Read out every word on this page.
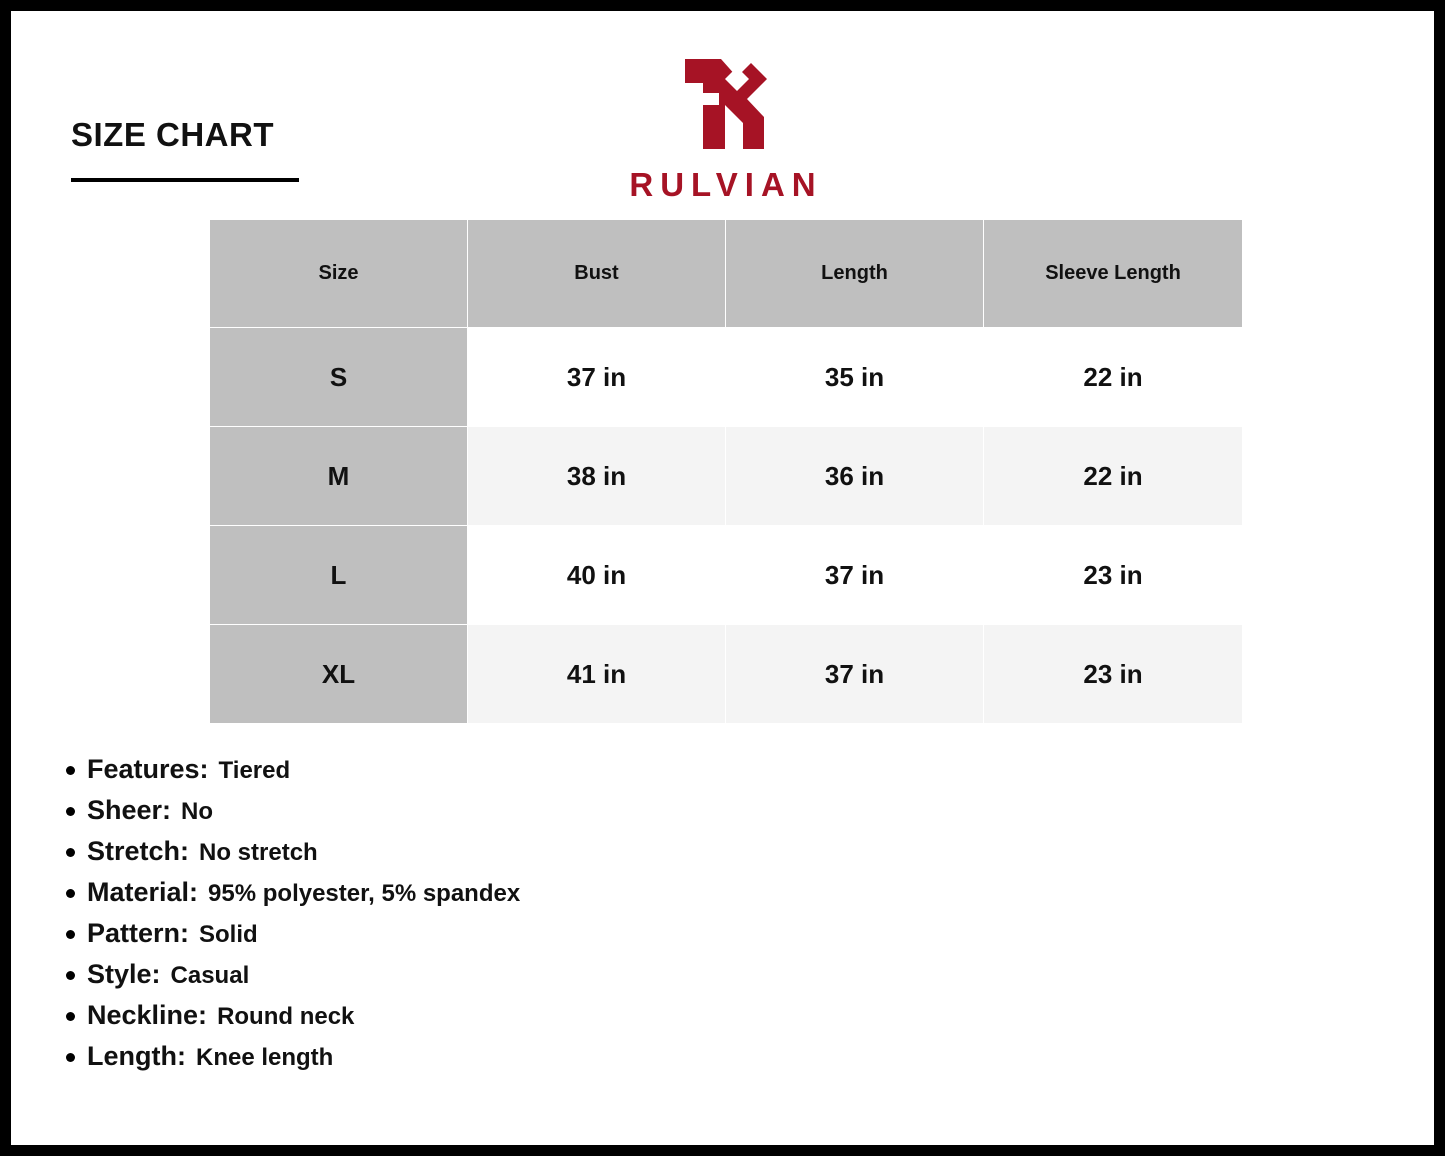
SIZE CHART
RULVIAN
Size	Bust	Length	Sleeve Length
S	37 in	35 in	22 in
M	38 in	36 in	22 in
L	40 in	37 in	23 in
XL	41 in	37 in	23 in
Features: Tiered
Sheer: No
Stretch: No stretch
Material: 95% polyester, 5% spandex
Pattern: Solid
Style: Casual
Neckline: Round neck
Length: Knee length
